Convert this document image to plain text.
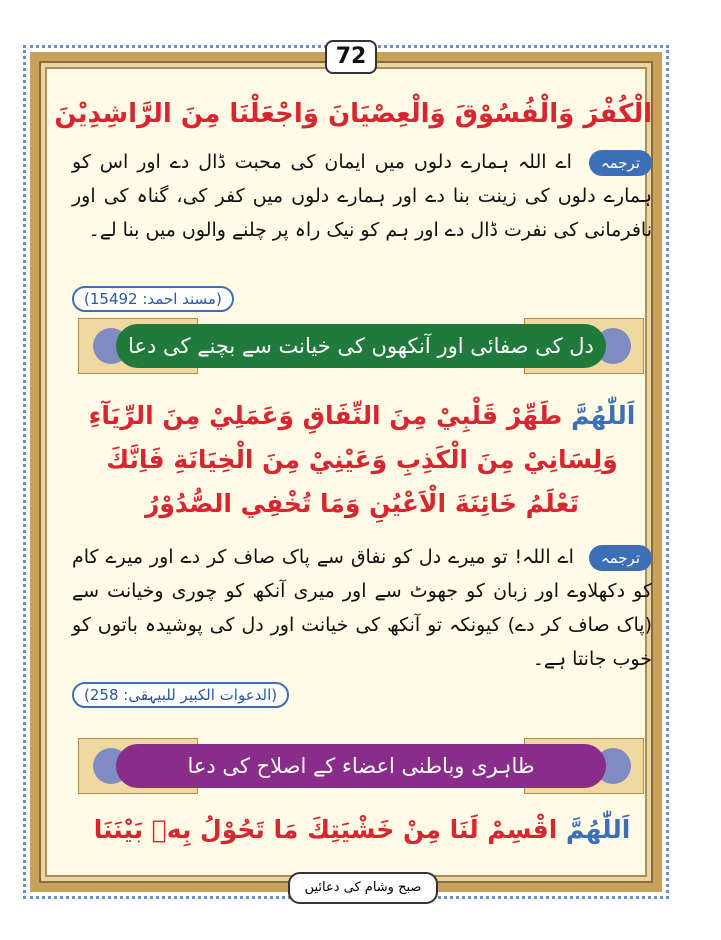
72
الْكُفْرَ وَالْفُسُوْقَ وَالْعِصْيَانَ وَاجْعَلْنَا مِنَ الرَّاشِدِيْنَ
ترجمہ اے اللہ ہمارے دلوں میں ایمان کی محبت ڈال دے اور اس کو ہمارے دلوں کی زینت بنا دے اور ہمارے دلوں میں کفر کی، گناہ کی اور نافرمانی کی نفرت ڈال دے اور ہم کو نیک راہ پر چلنے والوں میں بنا لے۔
(مسند احمد: 15492)
دل کی صفائی اور آنکھوں کی خیانت سے بچنے کی دعا
اَللّٰهُمَّ طَهِّرْ قَلْبِيْ مِنَ النِّفَاقِ وَعَمَلِيْ مِنَ الرِّيَآءِ
وَلِسَانِيْ مِنَ الْكَذِبِ وَعَيْنِيْ مِنَ الْخِيَانَةِ فَاِنَّكَ
تَعْلَمُ خَائِنَةَ الْاَعْيُنِ وَمَا تُخْفِي الصُّدُوْرُ
ترجمہ اے اللہ! تو میرے دل کو نفاق سے پاک صاف کر دے اور میرے کام کو دکھلاوے اور زبان کو جھوٹ سے اور میری آنکھ کو چوری وخیانت سے (پاک صاف کر دے) کیونکہ تو آنکھ کی خیانت اور دل کی پوشیدہ باتوں کو خوب جانتا ہے۔
(الدعوات الکبیر للبیہقی: 258)
ظاہری وباطنی اعضاء کے اصلاح کی دعا
اَللّٰهُمَّ اقْسِمْ لَنَا مِنْ خَشْيَتِكَ مَا تَحُوْلُ بِهٖ بَيْنَنَا
صبح وشام کی دعائیں
